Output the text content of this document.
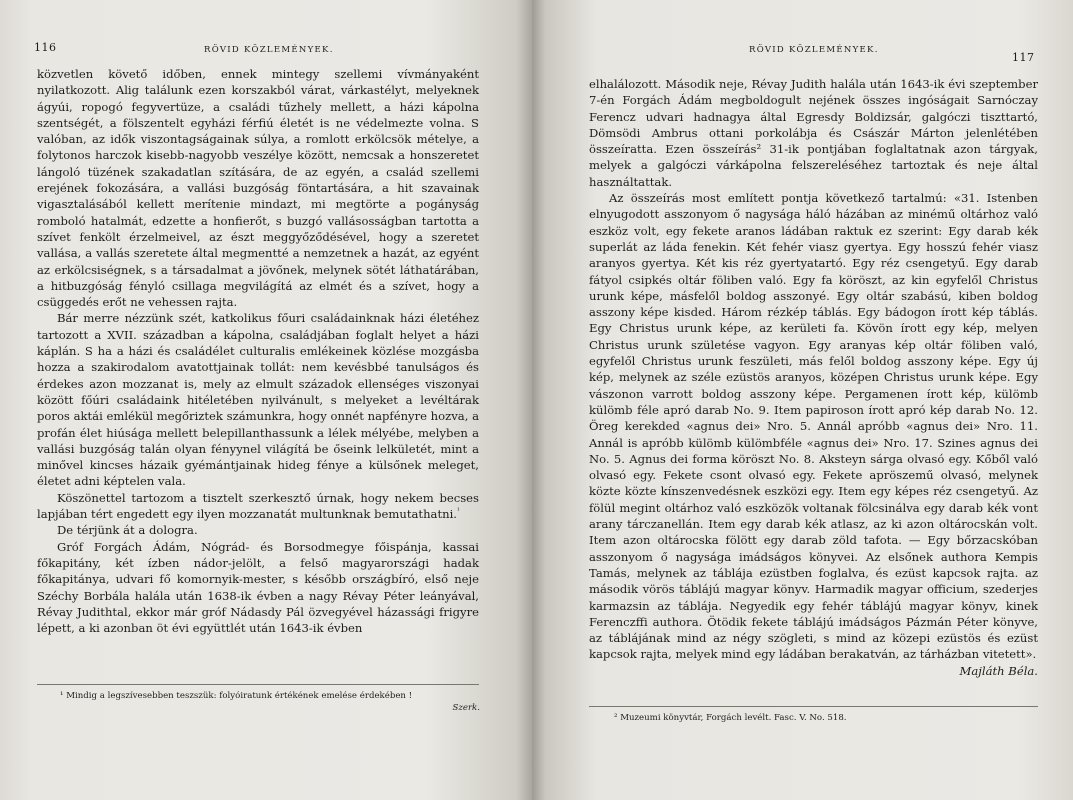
116	RÖVID KÖZLEMÉNYEK.

közvetlen követő időben, ennek mintegy szellemi vívmányaként nyilatkozott. Alig találunk ezen korszakból várat, várkastélyt, melyeknek ágyúi, ropogó fegyvertüze, a családi tűzhely mellett, a házi kápolna szentségét, a fölszentelt egyházi férfiú életét is ne védelmezte volna. S valóban, az idők viszontagságainak súlya, a romlott erkölcsök mételye, a folytonos harczok kisebb-nagyobb veszélye között, nemcsak a honszeretet lángoló tüzének szakadatlan szítására, de az egyén, a család szellemi erejének fokozására, a vallási buzgóság föntartására, a hit szavainak vigasztalásából kellett merítenie mindazt, mi megtörte a pogányság romboló hatalmát, edzette a honfierőt, s buzgó vallásosságban tartotta a szívet fenkölt érzelmeivel, az észt meggyőződésével, hogy a szeretet vallása, a vallás szeretete által megmentté a nemzetnek a hazát, az egyént az erkölcsiségnek, s a társadalmat a jövőnek, melynek sötét láthatárában, a hitbuzgóság fényló csillaga megvilágítá az elmét és a szívet, hogy a csüggedés erőt ne vehessen rajta.

Bár merre nézzünk szét, katkolikus főuri családainknak házi életéhez tartozott a XVII. században a kápolna, családjában foglalt helyet a házi káplán. S ha a házi és családélet culturalis emlékeinek közlése mozgásba hozza a szakirodalom avatottjainak tollát: nem kevésbbé tanulságos és érdekes azon mozzanat is, mely az elmult századok ellenséges viszonyai között főúri családaink hitéletében nyilvánult, s melyeket a levéltárak poros aktái emlékül megőriztek számunkra, hogy onnét napfényre hozva, a profán élet hiúsága mellett belepillanthassunk a lélek mélyébe, melyben a vallási buzgóság talán olyan fényynel világítá be őseink lelkületét, mint a minővel kincses házaik gyémántjainak hideg fénye a külsőnek meleget, életet adni képtelen vala.

Köszönettel tartozom a tisztelt szerkesztő úrnak, hogy nekem becses lapjában tért engedett egy ilyen mozzanatát multunknak bemutathatni.$^{^1}$

De térjünk át a dologra.

Gróf Forgách Ádám, Nógrád- és Borsodmegye főispánja, kassai főkapitány, két ízben nádor-jelölt, a felső magyarországi hadak főkapitánya, udvari fő komornyik-mester, s később országbíró, első neje Széchy Borbála halála után 1638-ik évben a nagy Révay Péter leányával, Révay Judithtal, ekkor már gróf Nádasdy Pál özvegyével házassági frigyre lépett, a ki azonban öt évi együttlét után 1643-ik évben

¹ Mindig a legszívesebben teszszük: folyóiratunk értékének emelése érdekében !
Szerk.
RÖVID KÖZLEMÉNYEK.
117

elhalálozott. Második neje, Révay Judith halála után 1643-ik évi szeptember 7-én Forgách Ádám megboldogult nejének összes ingóságait Sarnóczay Ferencz udvari hadnagya által Egresdy Boldizsár, galgóczi tiszttartó, Dömsödi Ambrus ottani porkolábja és Császár Márton jelenlétében összeíratta. Ezen összeírás² 31-ik pontjában foglaltatnak azon tárgyak, melyek a galgóczi várkápolna felszereléséhez tartoztak és neje által használtattak.

Az összeírás most említett pontja következő tartalmú: «31. Istenben elnyugodott asszonyom ő nagysága háló házában az minémű oltárhoz való eszköz volt, egy fekete aranos ládában raktuk ez szerint: Egy darab kék superlát az láda fenekin. Két fehér viasz gyertya. Egy hosszú fehér viasz aranyos gyertya. Két kis réz gyertyatartó. Egy réz csengetyű. Egy darab fátyol csipkés oltár föliben való. Egy fa köröszt, az kin egyfelől Christus urunk képe, másfelől boldog asszonyé. Egy oltár szabású, kiben boldog asszony képe kisded. Három rézkép táblás. Egy bádogon írott kép táblás. Egy Christus urunk képe, az kerületi fa. Kövön írott egy kép, melyen Christus urunk születése vagyon. Egy aranyas kép oltár föliben való, egyfelől Christus urunk feszületi, más felől boldog asszony képe. Egy új kép, melynek az széle ezüstös aranyos, középen Christus urunk képe. Egy vászonon varrott boldog asszony képe. Pergamenen írott kép, külömb külömb féle apró darab No. 9. Item papiroson írott apró kép darab No. 12. Öreg kerekded «agnus dei» Nro. 5. Annál apróbb «agnus dei» Nro. 11. Annál is apróbb külömb külömbféle «agnus dei» Nro. 17. Szines agnus dei No. 5. Agnus dei forma köröszt No. 8. Aksteyn sárga olvasó egy. Kőből való olvasó egy. Fekete csont olvasó egy. Fekete apröszemű olvasó, melynek közte közte kínszenvedésnek eszközi egy. Item egy képes réz csengetyű. Az fölül megint oltárhoz való eszközök voltanak fölcsinálva egy darab kék vont arany tárczanellán. Item egy darab kék atlasz, az ki azon oltárocskán volt. Item azon oltárocska fölött egy darab zöld tafota. — Egy bőrzacskóban asszonyom ő nagysága imádságos könyvei. Az elsőnek authora Kempis Tamás, melynek az táblája ezüstben foglalva, és ezüst kapcsok rajta. az második vörös táblájú magyar könyv. Harmadik magyar officium, szederjes karmazsin az táblája. Negyedik egy fehér táblájú magyar könyv, kinek Ferenczffi authora. Ötödik fekete táblájú imádságos Pázmán Péter könyve, az táblájának mind az négy szögleti, s mind az közepi ezüstös és ezüst kapcsok rajta, melyek mind egy ládában berakatván, az tárházban vitetett».
Majláth Béla.

² Muzeumi könyvtár, Forgách levélt. Fasc. V. No. 518.
